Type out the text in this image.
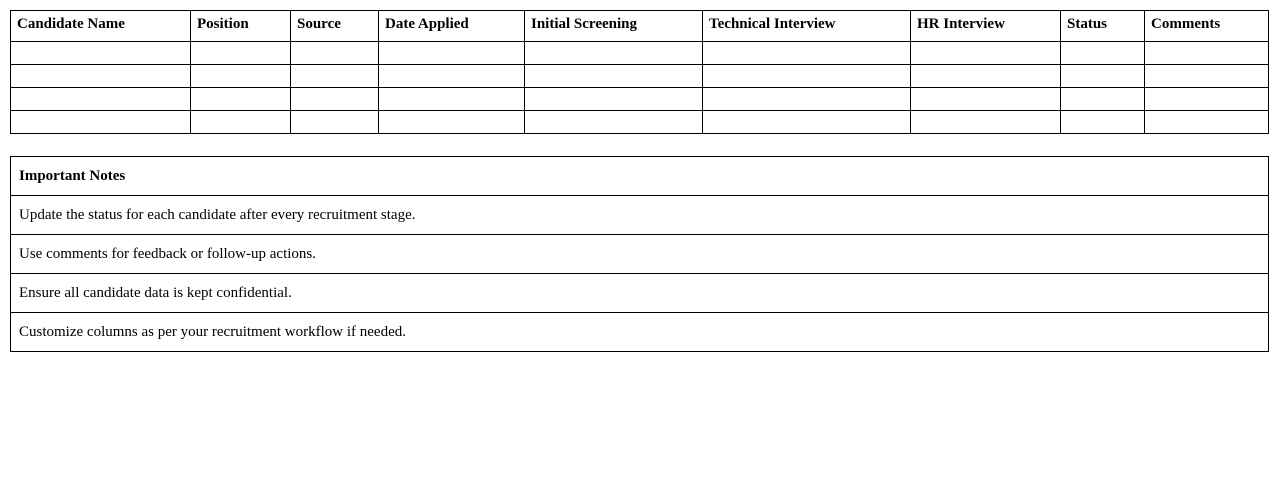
Candidate Name	Position	Source	Date Applied	Initial Screening	Technical Interview	HR Interview	Status	Comments

Important Notes
Update the status for each candidate after every recruitment stage.
Use comments for feedback or follow-up actions.
Ensure all candidate data is kept confidential.
Customize columns as per your recruitment workflow if needed.
